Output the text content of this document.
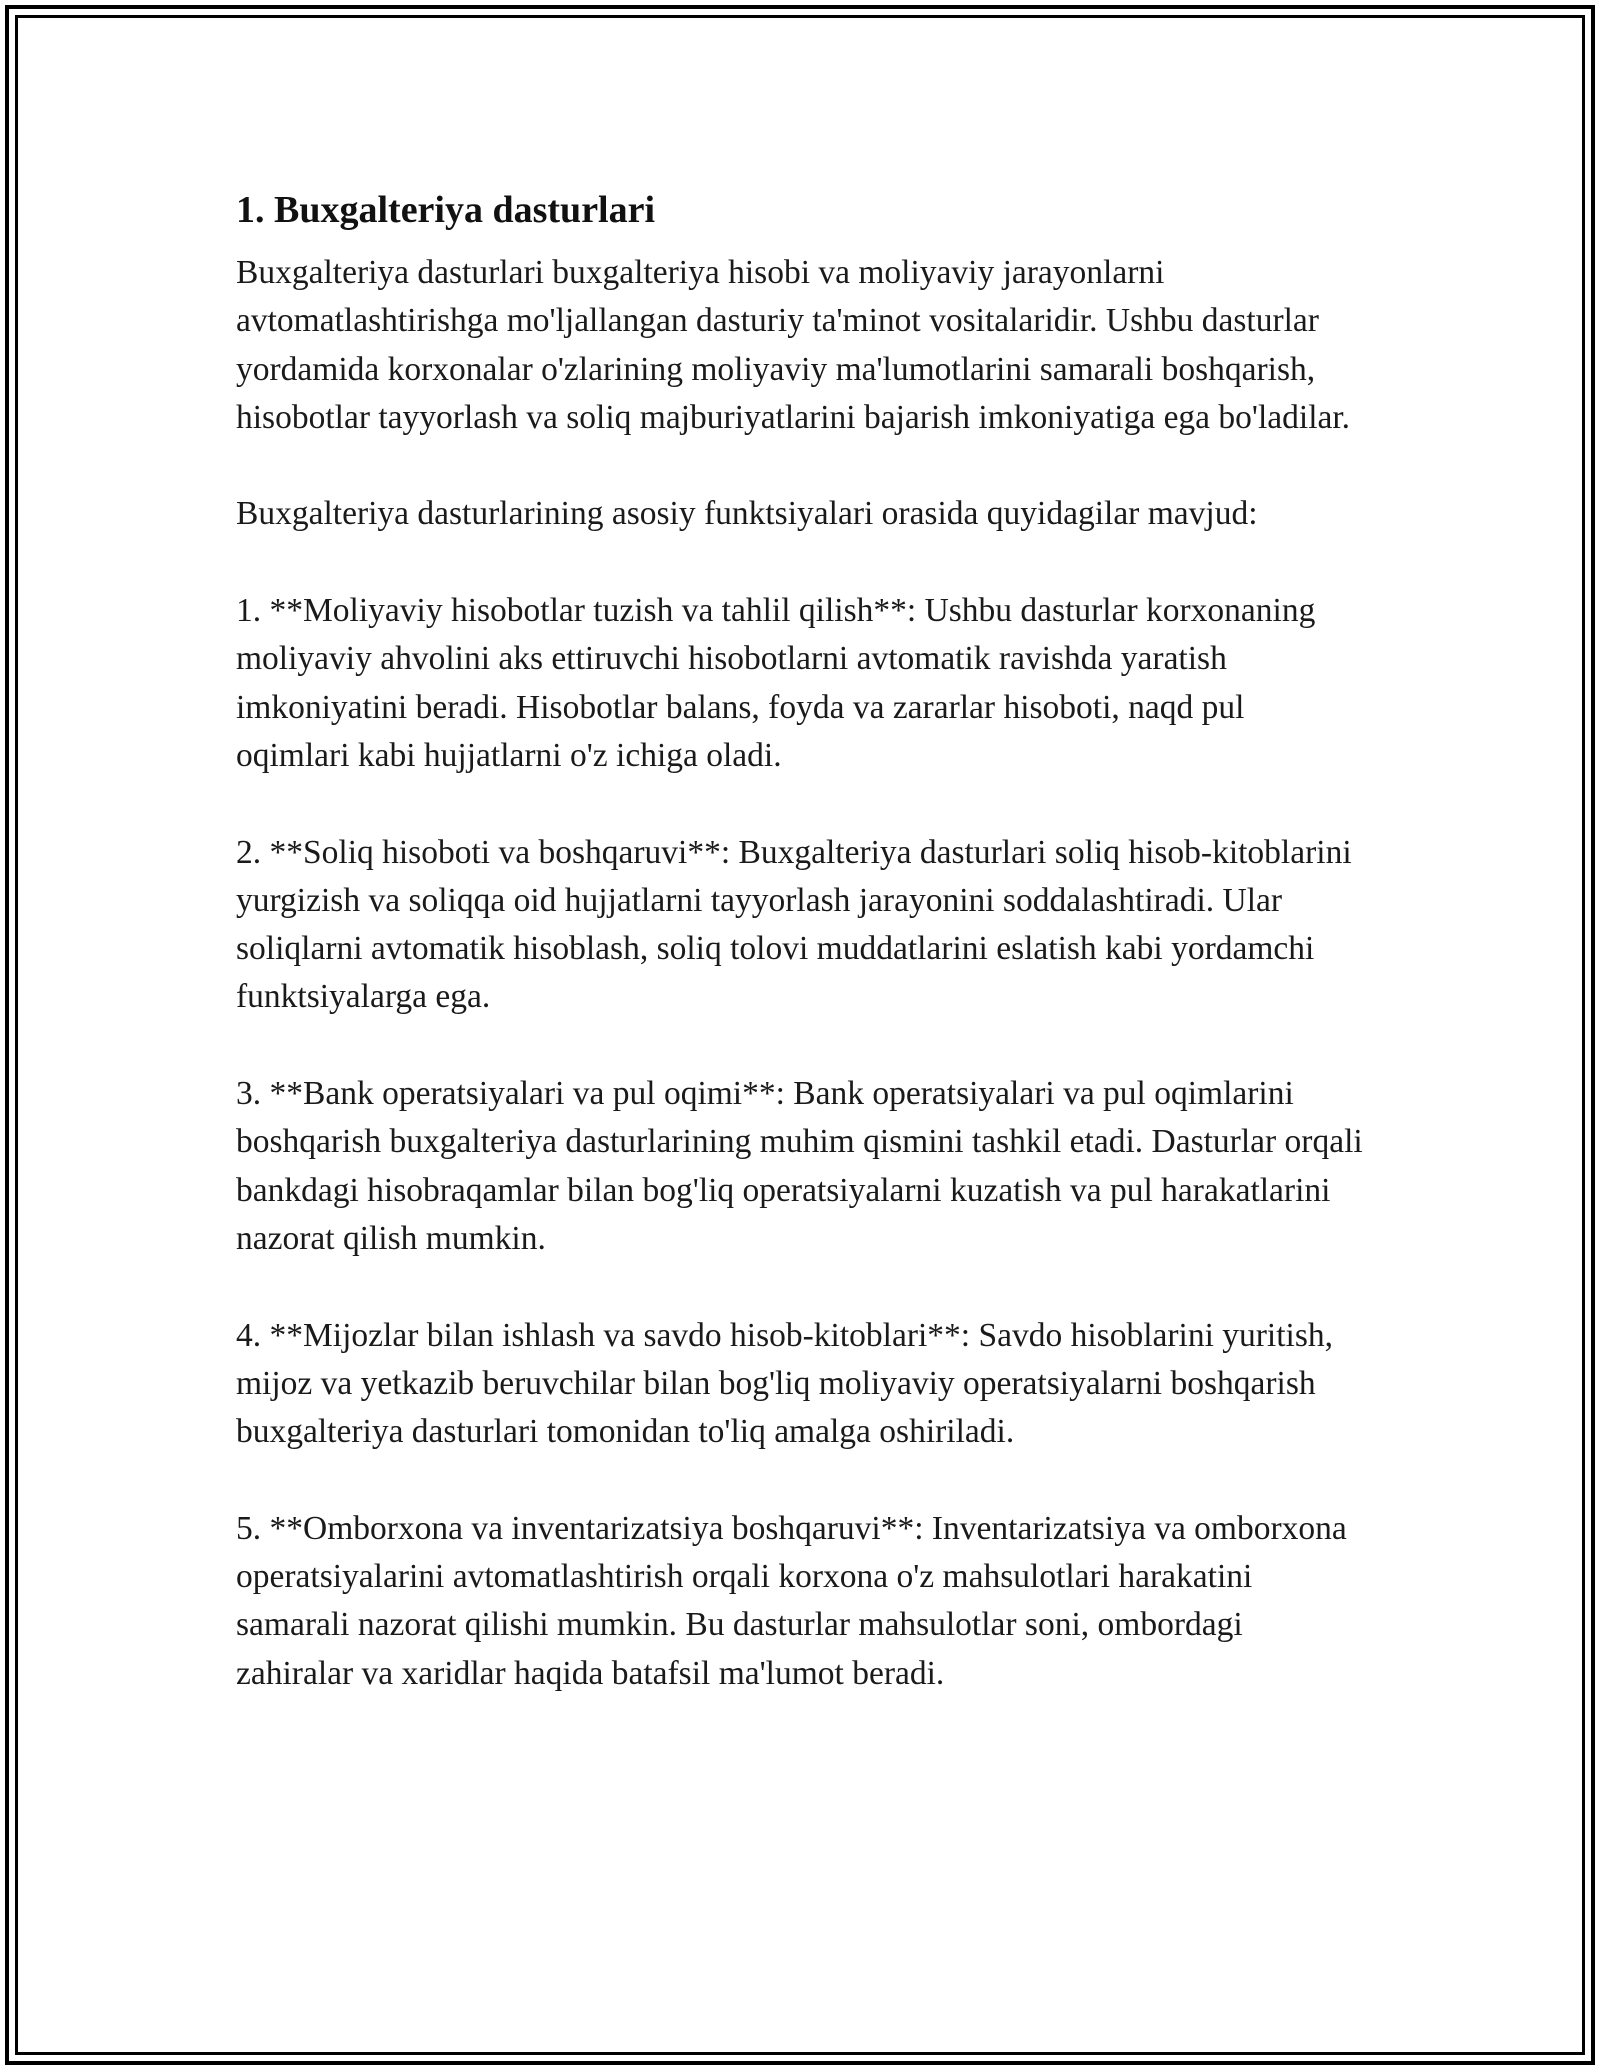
1. Buxgalteriya dasturlari

Buxgalteriya dasturlari buxgalteriya hisobi va moliyaviy jarayonlarni avtomatlashtirishga mo'ljallangan dasturiy ta'minot vositalaridir. Ushbu dasturlar yordamida korxonalar o'zlarining moliyaviy ma'lumotlarini samarali boshqarish, hisobotlar tayyorlash va soliq majburiyatlarini bajarish imkoniyatiga ega bo'ladilar.

Buxgalteriya dasturlarining asosiy funktsiyalari orasida quyidagilar mavjud:

1. **Moliyaviy hisobotlar tuzish va tahlil qilish**: Ushbu dasturlar korxonaning moliyaviy ahvolini aks ettiruvchi hisobotlarni avtomatik ravishda yaratish imkoniyatini beradi. Hisobotlar balans, foyda va zararlar hisoboti, naqd pul oqimlari kabi hujjatlarni o'z ichiga oladi.

2. **Soliq hisoboti va boshqaruvi**: Buxgalteriya dasturlari soliq hisob-kitoblarini yurgizish va soliqqa oid hujjatlarni tayyorlash jarayonini soddalashtiradi. Ular soliqlarni avtomatik hisoblash, soliq tolovi muddatlarini eslatish kabi yordamchi funktsiyalarga ega.

3. **Bank operatsiyalari va pul oqimi**: Bank operatsiyalari va pul oqimlarini boshqarish buxgalteriya dasturlarining muhim qismini tashkil etadi. Dasturlar orqali bankdagi hisobraqamlar bilan bog'liq operatsiyalarni kuzatish va pul harakatlarini nazorat qilish mumkin.

4. **Mijozlar bilan ishlash va savdo hisob-kitoblari**: Savdo hisoblarini yuritish, mijoz va yetkazib beruvchilar bilan bog'liq moliyaviy operatsiyalarni boshqarish buxgalteriya dasturlari tomonidan to'liq amalga oshiriladi.

5. **Omborxona va inventarizatsiya boshqaruvi**: Inventarizatsiya va omborxona operatsiyalarini avtomatlashtirish orqali korxona o'z mahsulotlari harakatini samarali nazorat qilishi mumkin. Bu dasturlar mahsulotlar soni, ombordagi zahiralar va xaridlar haqida batafsil ma'lumot beradi.
